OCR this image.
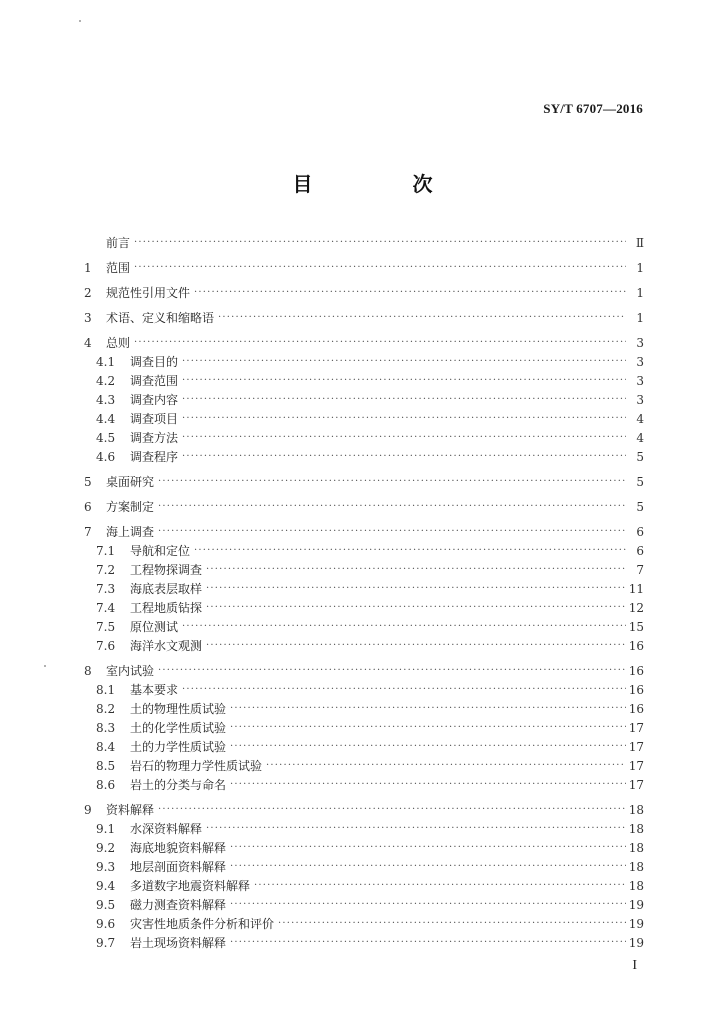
SY/T 6707—2016
目　次
前言 ·····	Ⅱ
1	范围 ·····	1
2	规范性引用文件 ·····	1
3	术语、定义和缩略语 ·····	1
4	总则 ·····	3
4.1	调查目的 ·····	3
4.2	调查范围 ·····	3
4.3	调查内容 ·····	3
4.4	调查项目 ·····	4
4.5	调查方法 ·····	4
4.6	调查程序 ·····	5
5	桌面研究 ·····	5
6	方案制定 ·····	5
7	海上调查 ·····	6
7.1	导航和定位 ·····	6
7.2	工程物探调查 ·····	7
7.3	海底表层取样 ·····	11
7.4	工程地质钻探 ·····	12
7.5	原位测试 ·····	15
7.6	海洋水文观测 ·····	16
8	室内试验 ·····	16
8.1	基本要求 ·····	16
8.2	土的物理性质试验 ·····	16
8.3	土的化学性质试验 ·····	17
8.4	土的力学性质试验 ·····	17
8.5	岩石的物理力学性质试验 ·····	17
8.6	岩土的分类与命名 ·····	17
9	资料解释 ·····	18
9.1	水深资料解释 ·····	18
9.2	海底地貌资料解释 ·····	18
9.3	地层剖面资料解释 ·····	18
9.4	多道数字地震资料解释 ·····	18
9.5	磁力测查资料解释 ·····	19
9.6	灾害性地质条件分析和评价 ·····	19
9.7	岩土现场资料解释 ·····	19
I
